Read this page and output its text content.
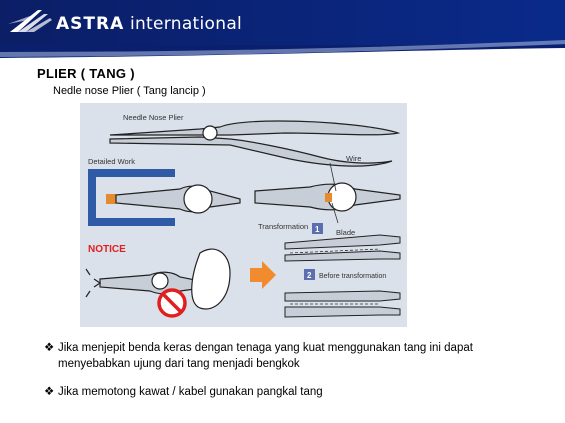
ASTRA international
PLIER ( TANG )
Nedle nose Plier ( Tang lancip )
Needle Nose Plier
Detailed Work	Wire
Blade
Transformation 1
2 Before transformation
NOTICE
❖ Jika menjepit benda keras dengan tenaga yang kuat menggunakan tang ini dapat menyebabkan ujung dari tang menjadi bengkok
❖ Jika memotong kawat / kabel gunakan pangkal tang
